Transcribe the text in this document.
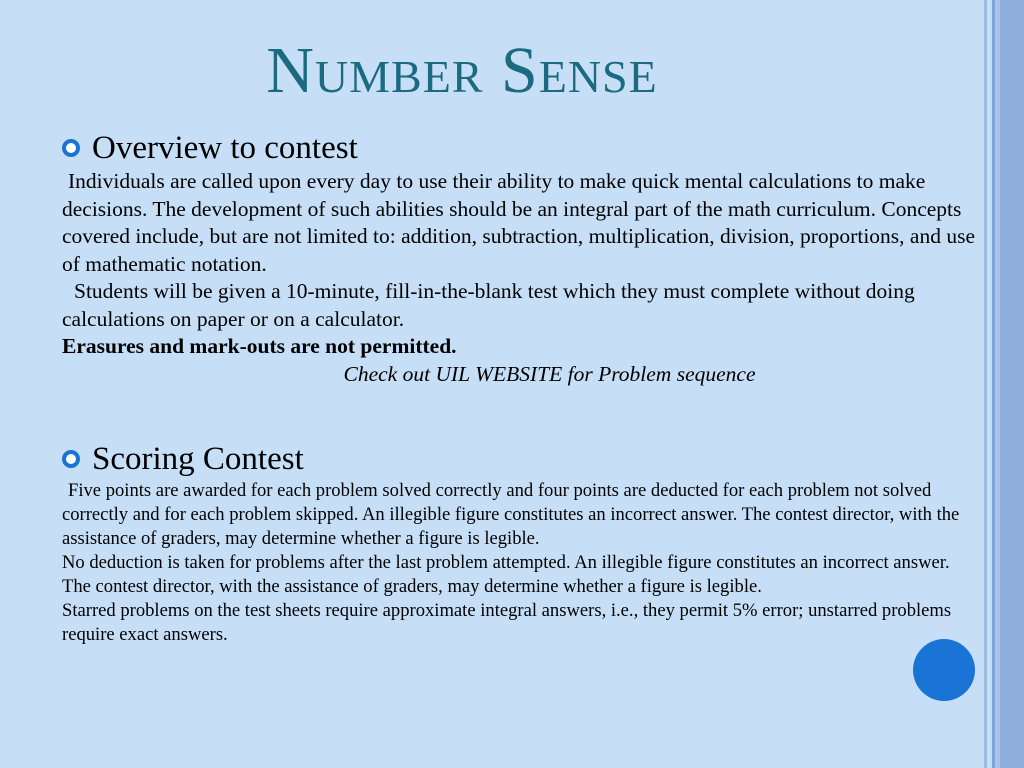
Number Sense
Overview to contest

Individuals are called upon every day to use their ability to make quick mental calculations to make decisions. The development of such abilities should be an integral part of the math curriculum. Concepts covered include, but are not limited to: addition, subtraction, multiplication, division, proportions, and use of mathematic notation.

Students will be given a 10-minute, fill-in-the-blank test which they must complete without doing calculations on paper or on a calculator.

Erasures and mark-outs are not permitted.

Check out UIL WEBSITE for Problem sequence

Scoring Contest

Five points are awarded for each problem solved correctly and four points are deducted for each problem not solved correctly and for each problem skipped. An illegible figure constitutes an incorrect answer. The contest director, with the assistance of graders, may determine whether a figure is legible.

No deduction is taken for problems after the last problem attempted. An illegible figure constitutes an incorrect answer. The contest director, with the assistance of graders, may determine whether a figure is legible.

Starred problems on the test sheets require approximate integral answers, i.e., they permit 5% error; unstarred problems require exact answers.
